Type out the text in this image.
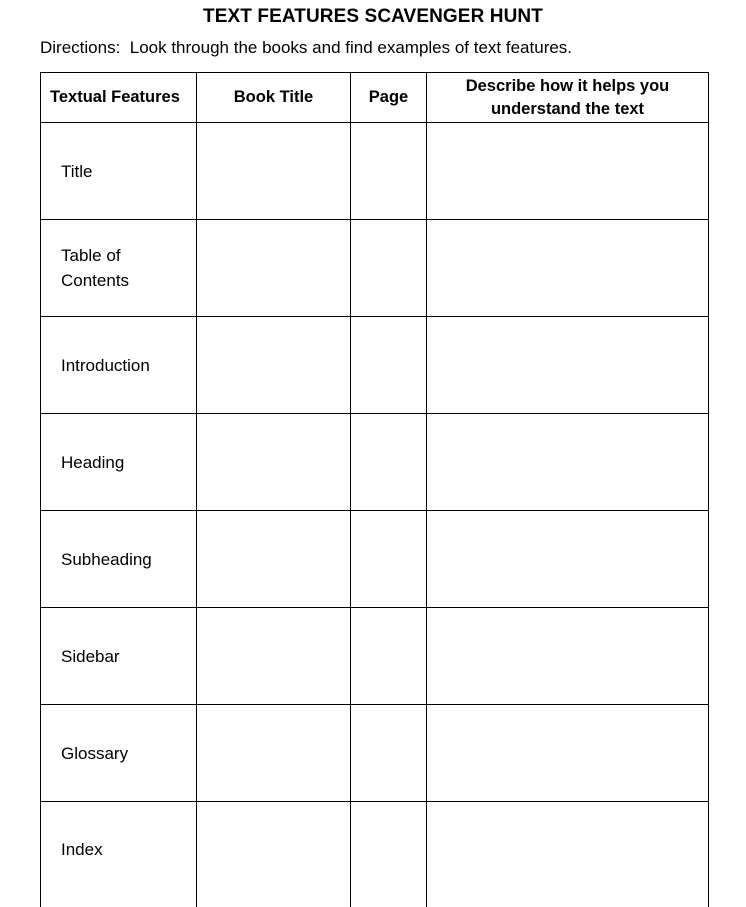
TEXT FEATURES SCAVENGER HUNT
Directions:  Look through the books and find examples of text features.
Textual Features	Book Title	Page	Describe how it helps you understand the text
Title			
Table of Contents			
Introduction			
Heading			
Subheading			
Sidebar			
Glossary			
Index			
